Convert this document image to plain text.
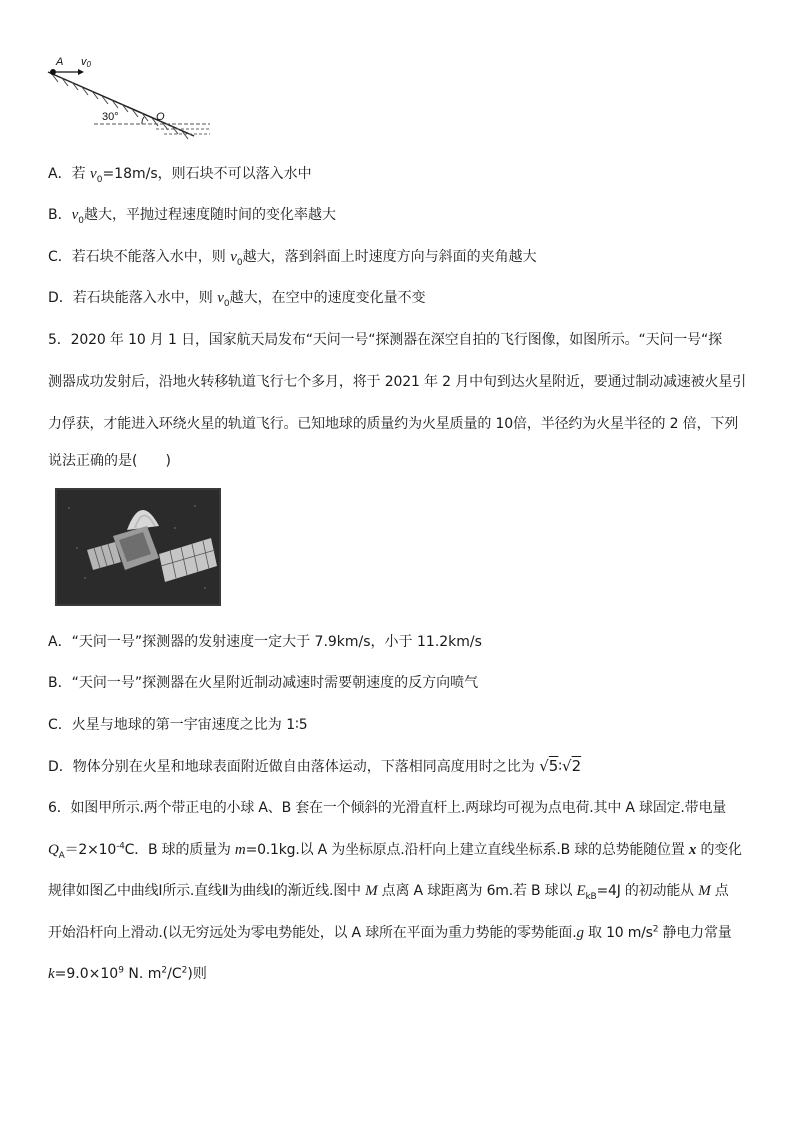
A v0
30°	O
A．若 $v_0=18m/s$，则石块不可以落入水中
B．$v_0$越大，平抛过程速度随时间的变化率越大
C．若石块不能落入水中，则 $v_0$越大，落到斜面上时速度方向与斜面的夹角越大
D．若石块能落入水中，则 $v_0$越大，在空中的速度变化量不变
5．2020 年 10 月 1 日，国家航天局发布“天问一号“探测器在深空自拍的飞行图像，如图所示。“天问一号“探
测器成功发射后，沿地火转移轨道飞行七个多月，将于 2021 年 2 月中旬到达火星附近，要通过制动减速被火星引
力俘获，才能进入环绕火星的轨道飞行。已知地球的质量约为火星质量的 10倍，半径约为火星半径的 2 倍，下列
说法正确的是(　　)
A．“天问一号”探测器的发射速度一定大于 7.9km/s，小于 11.2km/s
B．“天问一号”探测器在火星附近制动减速时需要朝速度的反方向喷气
C．火星与地球的第一宇宙速度之比为 1∶5
D．物体分别在火星和地球表面附近做自由落体运动，下落相同高度用时之比为 √5∶√2
6．如图甲所示.两个带正电的小球 A、B 套在一个倾斜的光滑直杆上.两球均可视为点电荷.其中 A 球固定.带电量
$Q_A=2\times 10^{-4}C$．B 球的质量为 m=0.1kg.以 A 为坐标原点.沿杆向上建立直线坐标系.B 球的总势能随位置 x 的变化
规律如图乙中曲线Ⅰ所示.直线Ⅱ为曲线Ⅰ的渐近线.图中 M 点离 A 球距离为 6m.若 B 球以 $E_{kB}=4J$ 的初动能从 M 点
开始沿杆向上滑动.(以无穷远处为零电势能处，以 A 球所在平面为重力势能的零势能面.g 取 10 $m/s^2$ 静电力常量
$k=9.0\times 10^9$ N. $m^2/C^2$)则
